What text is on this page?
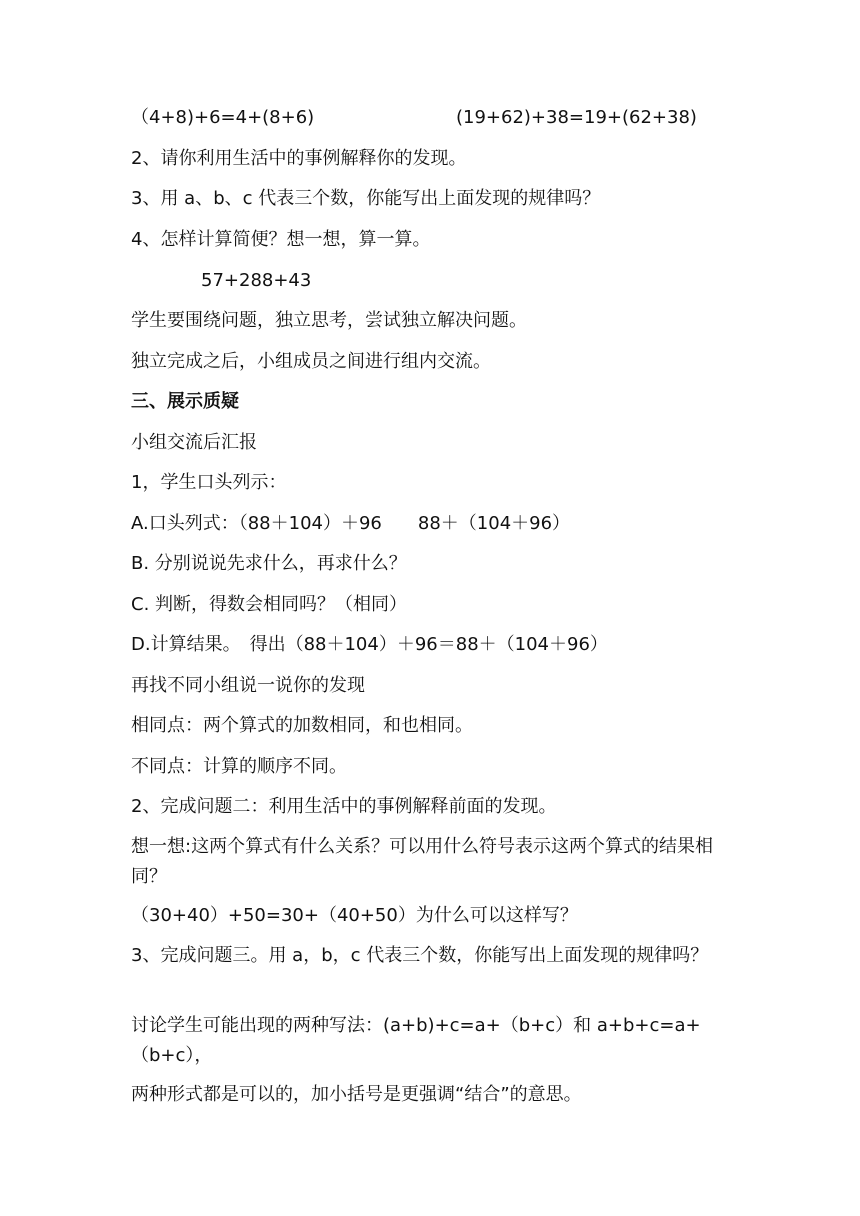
（4+8)+6=4+(8+6)	(19+62)+38=19+(62+38)
2、请你利用生活中的事例解释你的发现。
3、用 a、b、c 代表三个数，你能写出上面发现的规律吗？
4、怎样计算简便？想一想，算一算。
57+288+43
学生要围绕问题，独立思考，尝试独立解决问题。
独立完成之后，小组成员之间进行组内交流。
三、展示质疑
小组交流后汇报
1，学生口头列示：
A.口头列式：（88＋104）＋96　　88＋（104＋96）
B. 分别说说先求什么，再求什么？
C. 判断，得数会相同吗？（相同）
D.计算结果。　得出（88＋104）＋96＝88＋（104＋96）
再找不同小组说一说你的发现
相同点：两个算式的加数相同，和也相同。
不同点：计算的顺序不同。
2、完成问题二：利用生活中的事例解释前面的发现。
想一想:这两个算式有什么关系？可以用什么符号表示这两个算式的结果相同？
（30+40）+50=30+（40+50）为什么可以这样写？
3、完成问题三。用 a，b，c 代表三个数，你能写出上面发现的规律吗？
讨论学生可能出现的两种写法：(a+b)+c=a+（b+c）和 a+b+c=a+（b+c），
两种形式都是可以的，加小括号是更强调“结合”的意思。
